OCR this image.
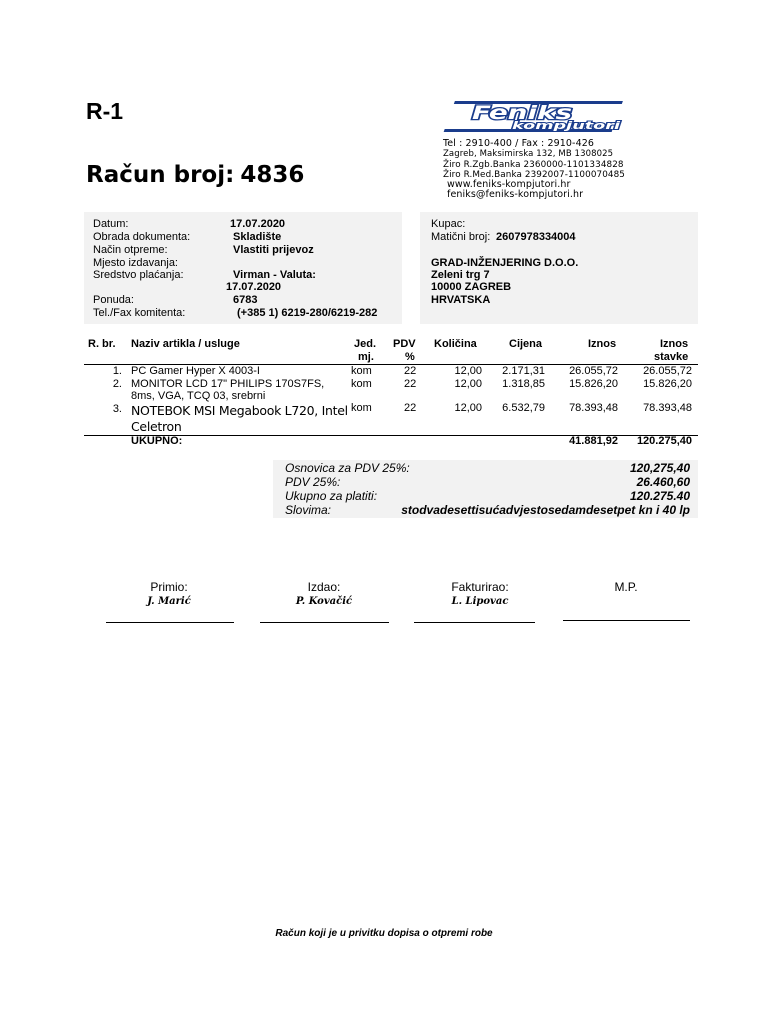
R-1
Račun broj: 4836
Feniks
kompjutori
Tel : 2910-400 / Fax : 2910-426
Zagreb, Maksimirska 132, MB 1308025
Žiro R.Zgb.Banka 2360000-1101334828
Žiro R.Med.Banka 2392007-1100070485
www.feniks-kompjutori.hr
feniks@feniks-kompjutori.hr
Datum:	17.07.2020
Obrada dokumenta:	Skladište
Način otpreme:	Vlastiti prijevoz
Mjesto izdavanja:
Sredstvo plaćanja:	Virman - Valuta:
17.07.2020
Ponuda:	6783
Tel./Fax komitenta:	(+385 1) 6219-280/6219-282
Kupac:
Matični broj: 2607978334004
GRAD-INŽENJERING D.O.O.
Zeleni trg 7
10000 ZAGREB
HRVATSKA
R. br. Naziv artikla / usluge	Jed.
mj.
PDV
%
Količina	Cijena	Iznos	Iznos
stavke
1. PC Gamer Hyper X 4003-I	kom	22	12,00	2.171,31	26.055,72	26.055,72
2. MONITOR LCD 17" PHILIPS 170S7FS,
8ms, VGA, TCQ 03, srebrni
kom	22	12,00	1.318,85	15.826,20	15.826,20
3. NOTEBOK MSI Megabook L720, Intel
Celetron
kom	22	12,00	6.532,79	78.393,48	78.393,48
UKUPNO:	41.881,92	120.275,40
Osnovica za PDV 25%:	120,275,40
PDV 25%:	26.460,60
Ukupno za platiti:	120.275.40
Slovima:	stodvadesettisućadvjestosedamdesetpet kn i 40 lp
Primio:
J. Marić
Izdao:
P. Kovačić
Fakturirao:
L. Lipovac
M.P.
Račun koji je u privitku dopisa o otpremi robe
